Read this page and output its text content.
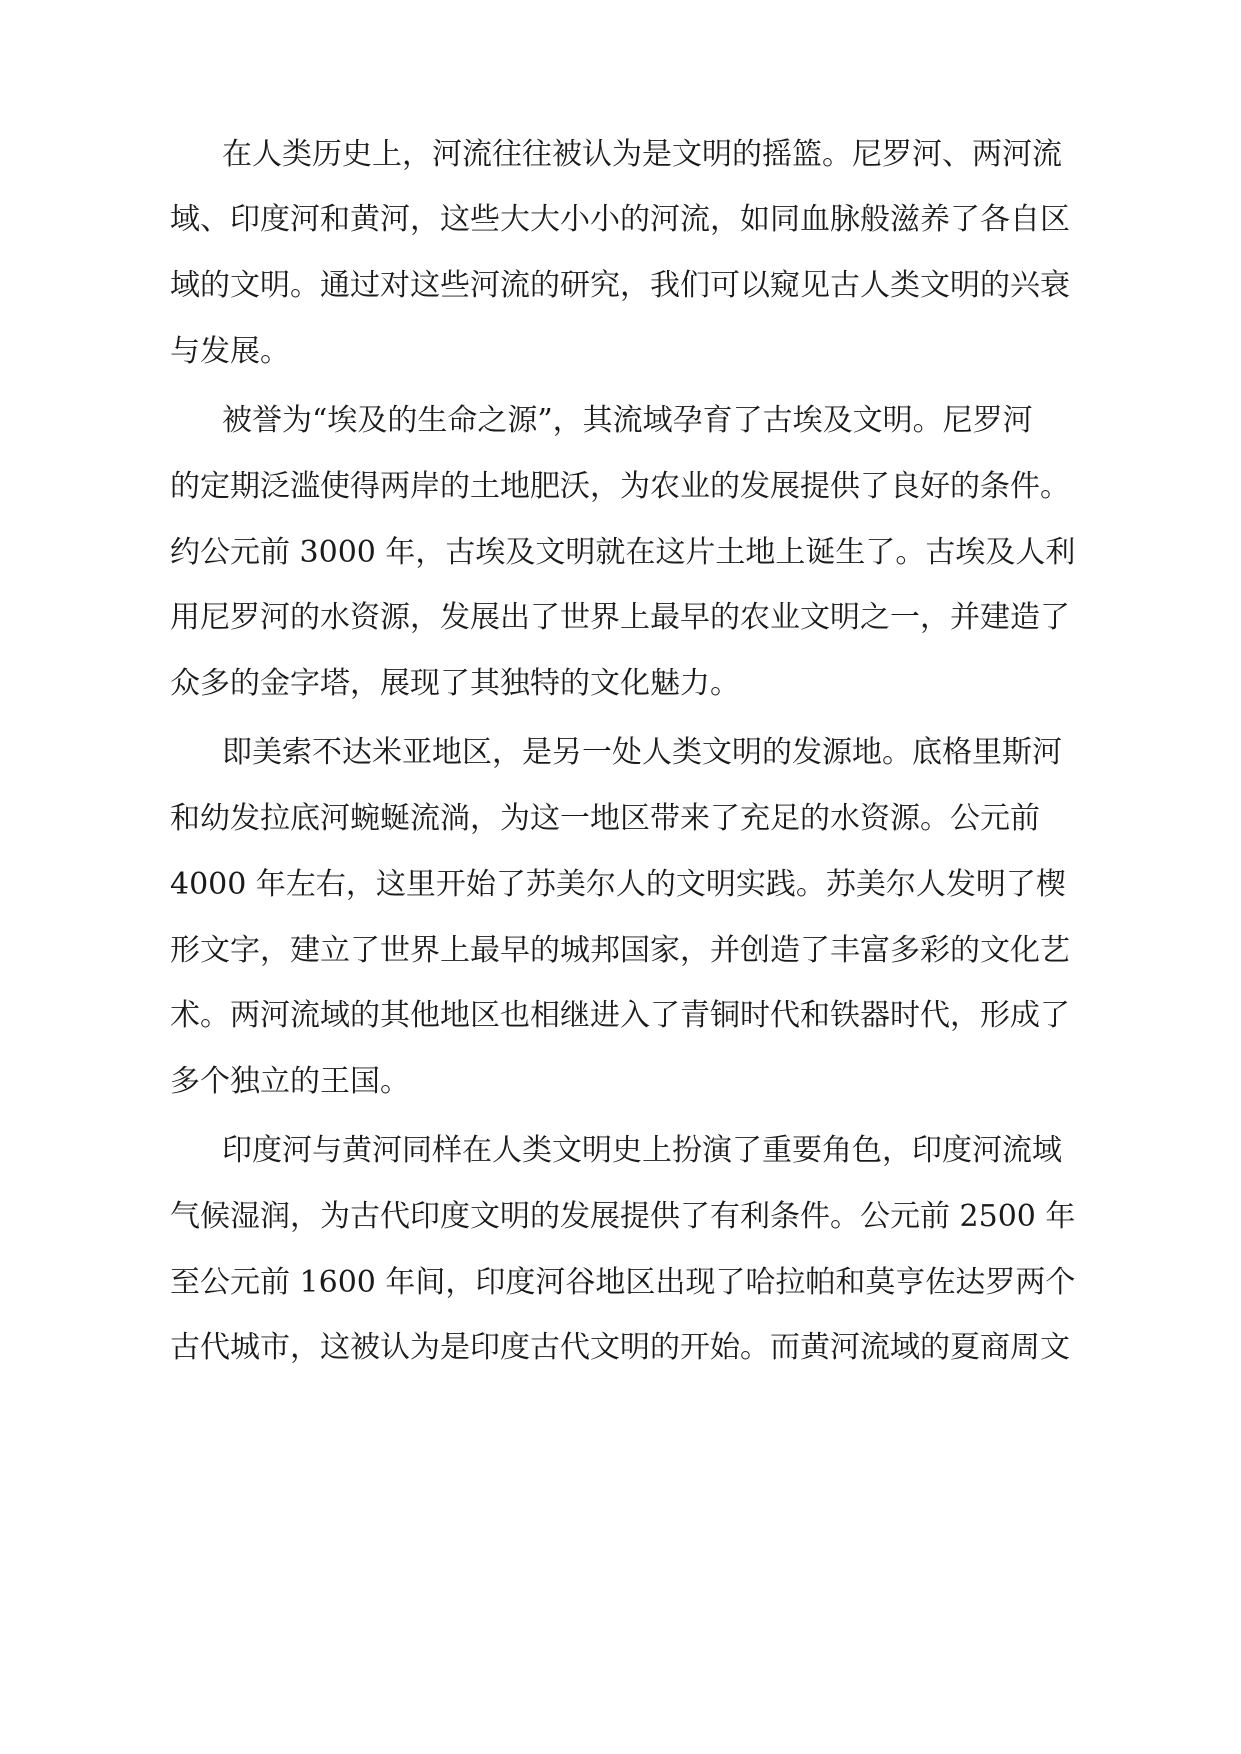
在人类历史上，河流往往被认为是文明的摇篮。尼罗河、两河流

域、印度河和黄河，这些大大小小的河流，如同血脉般滋养了各自区

域的文明。通过对这些河流的研究，我们可以窥见古人类文明的兴衰

与发展。

被誉为“埃及的生命之源”，其流域孕育了古埃及文明。尼罗河

的定期泛滥使得两岸的土地肥沃，为农业的发展提供了良好的条件。

约公元前 3000 年，古埃及文明就在这片土地上诞生了。古埃及人利

用尼罗河的水资源，发展出了世界上最早的农业文明之一，并建造了

众多的金字塔，展现了其独特的文化魅力。

即美索不达米亚地区，是另一处人类文明的发源地。底格里斯河

和幼发拉底河蜿蜒流淌，为这一地区带来了充足的水资源。公元前

4000 年左右，这里开始了苏美尔人的文明实践。苏美尔人发明了楔

形文字，建立了世界上最早的城邦国家，并创造了丰富多彩的文化艺

术。两河流域的其他地区也相继进入了青铜时代和铁器时代，形成了

多个独立的王国。

印度河与黄河同样在人类文明史上扮演了重要角色，印度河流域

气候湿润，为古代印度文明的发展提供了有利条件。公元前 2500 年

至公元前 1600 年间，印度河谷地区出现了哈拉帕和莫亨佐达罗两个

古代城市，这被认为是印度古代文明的开始。而黄河流域的夏商周文
